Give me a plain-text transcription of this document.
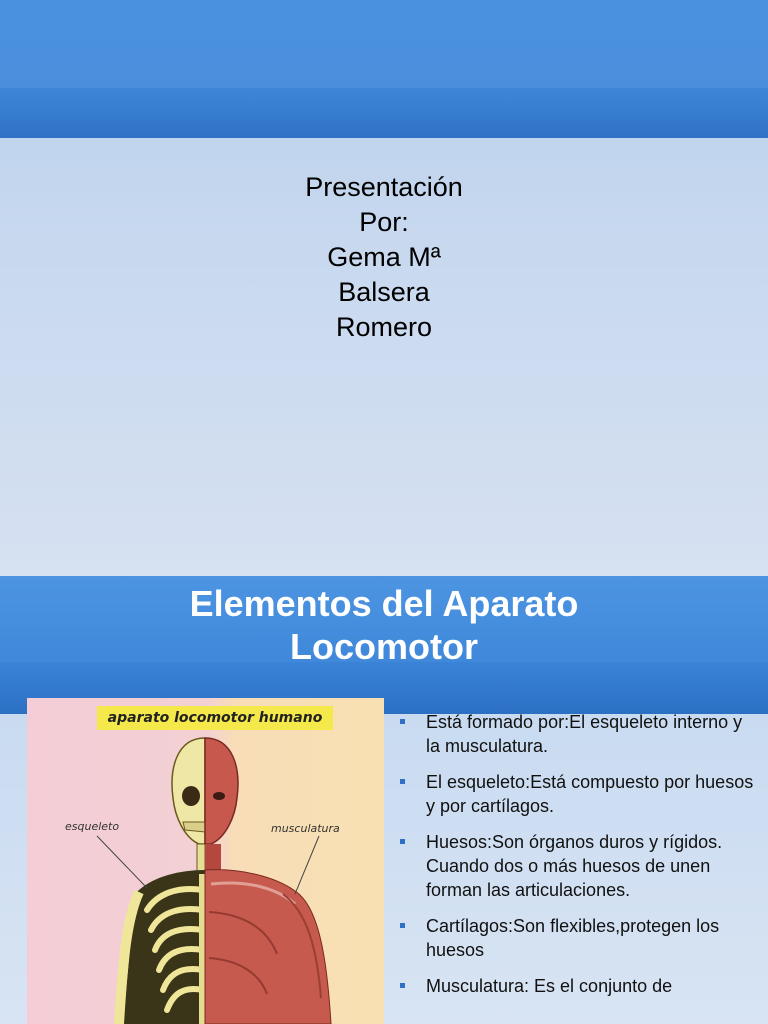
Presentación
Por:
Gema Mª
Balsera
Romero
Elementos del Aparato
Locomotor
aparato locomotor humano
esqueleto	musculatura
Está formado por:El esqueleto interno y la musculatura.
El esqueleto:Está compuesto por huesos y por cartílagos.
Huesos:Son órganos duros y rígidos. Cuando dos o más huesos de unen forman las articulaciones.
Cartílagos:Son flexibles,protegen los huesos
Musculatura: Es el conjunto de
